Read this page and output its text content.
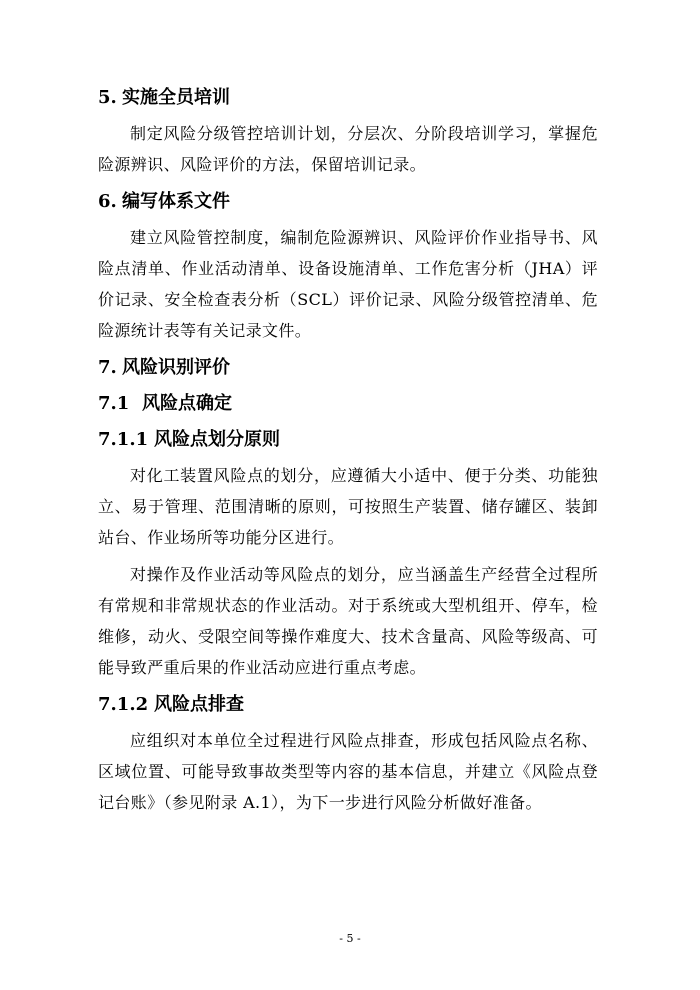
5. 实施全员培训

制定风险分级管控培训计划，分层次、分阶段培训学习，掌握危险源辨识、风险评价的方法，保留培训记录。

6. 编写体系文件

建立风险管控制度，编制危险源辨识、风险评价作业指导书、风险点清单、作业活动清单、设备设施清单、工作危害分析（JHA）评价记录、安全检查表分析（SCL）评价记录、风险分级管控清单、危险源统计表等有关记录文件。

7. 风险识别评价
7.1 风险点确定
7.1.1 风险点划分原则

对化工装置风险点的划分，应遵循大小适中、便于分类、功能独立、易于管理、范围清晰的原则，可按照生产装置、储存罐区、装卸站台、作业场所等功能分区进行。

对操作及作业活动等风险点的划分，应当涵盖生产经营全过程所有常规和非常规状态的作业活动。对于系统或大型机组开、停车，检维修，动火、受限空间等操作难度大、技术含量高、风险等级高、可能导致严重后果的作业活动应进行重点考虑。

7.1.2 风险点排查

应组织对本单位全过程进行风险点排查，形成包括风险点名称、区域位置、可能导致事故类型等内容的基本信息，并建立《风险点登记台账》（参见附录 A.1），为下一步进行风险分析做好准备。

- 5 -
